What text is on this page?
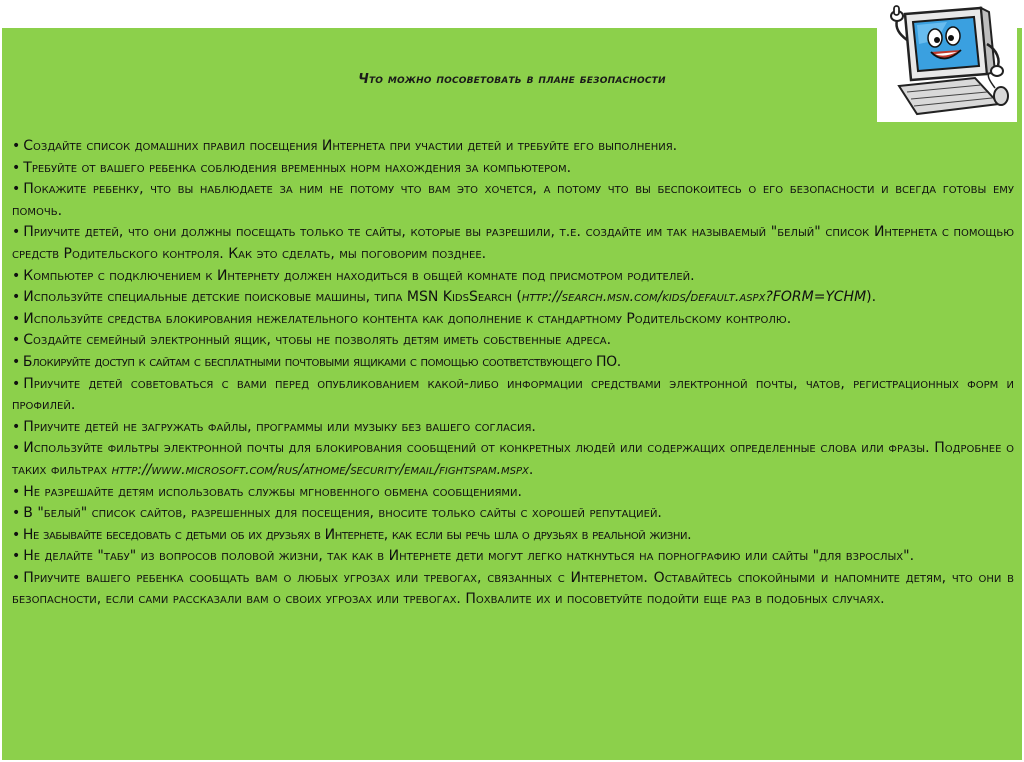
Что можно посоветовать в плане безопасности

• Создайте список домашних правил посещения Интернета при участии детей и требуйте его выполнения.

• Требуйте от вашего ребенка соблюдения временных норм нахождения за компьютером.

• Покажите ребенку, что вы наблюдаете за ним не потому что вам это хочется, а потому что вы беспокоитесь о его безопасности и всегда готовы ему помочь.

• Приучите детей, что они должны посещать только те сайты, которые вы разрешили, т.е. создайте им так называемый "белый" список Интернета с помощью средств Родительского контроля. Как это сделать, мы поговорим позднее.

• Компьютер с подключением к Интернету должен находиться в общей комнате под присмотром родителей.

• Используйте специальные детские поисковые машины, типа MSN KidsSearch (http://search.msn.com/kids/default.aspx?FORM=YCHM).

• Используйте средства блокирования нежелательного контента как дополнение к стандартному Родительскому контролю.

• Создайте семейный электронный ящик, чтобы не позволять детям иметь собственные адреса.

• Блокируйте доступ к сайтам с бесплатными почтовыми ящиками с помощью соответствующего ПО.

• Приучите детей советоваться с вами перед опубликованием какой-либо информации средствами электронной почты, чатов, регистрационных форм и профилей.

• Приучите детей не загружать файлы, программы или музыку без вашего согласия.

• Используйте фильтры электронной почты для блокирования сообщений от конкретных людей или содержащих определенные слова или фразы. Подробнее о таких фильтрах http://www.microsoft.com/rus/athome/security/email/fightspam.mspx.

• Не разрешайте детям использовать службы мгновенного обмена сообщениями.

• В "белый" список сайтов, разрешенных для посещения, вносите только сайты с хорошей репутацией.

• Не забывайте беседовать с детьми об их друзьях в Интернете, как если бы речь шла о друзьях в реальной жизни.

• Не делайте "табу" из вопросов половой жизни, так как в Интернете дети могут легко наткнуться на порнографию или сайты "для взрослых".

• Приучите вашего ребенка сообщать вам о любых угрозах или тревогах, связанных с Интернетом. Оставайтесь спокойными и напомните детям, что они в безопасности, если сами рассказали вам о своих угрозах или тревогах. Похвалите их и посоветуйте подойти еще раз в подобных случаях.
